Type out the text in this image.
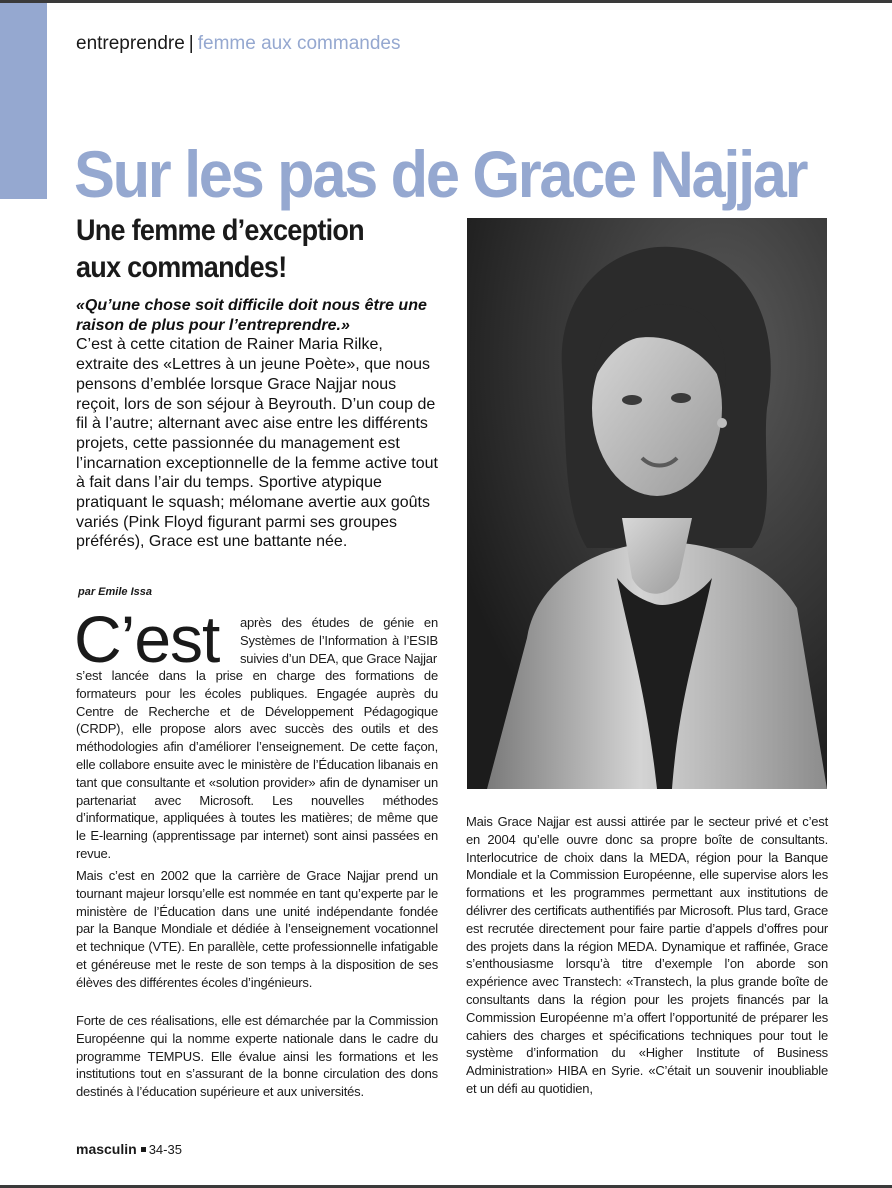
entreprendre | femme aux commandes
Sur les pas de Grace Najjar
Une femme d’exception aux commandes!
«Qu’une chose soit difficile doit nous être une raison de plus pour l’entreprendre.»
C’est à cette citation de Rainer Maria Rilke, extraite des «Lettres à un jeune Poète», que nous pensons d’emblée lorsque Grace Najjar nous reçoit, lors de son séjour à Beyrouth. D’un coup de fil à l’autre; alternant avec aise entre les différents projets, cette passionnée du management est l’incarnation exceptionnelle de la femme active tout à fait dans l’air du temps. Sportive atypique pratiquant le squash; mélomane avertie aux goûts variés (Pink Floyd figurant parmi ses groupes préférés), Grace est une battante née.
par Emile Issa
C’est après des études de génie en Systèmes de l’Information à l’ESIB suivies d’un DEA, que Grace Najjar

s’est lancée dans la prise en charge des formations de formateurs pour les écoles publiques. Engagée auprès du Centre de Recherche et de Développement Pédagogique (CRDP), elle propose alors avec succès des outils et des méthodologies afin d’améliorer l’enseignement. De cette façon, elle collabore ensuite avec le ministère de l’Éducation libanais en tant que consultante et «solution provider» afin de dynamiser un partenariat avec Microsoft. Les nouvelles méthodes d’informatique, appliquées à toutes les matières; de même que le E-learning (apprentissage par internet) sont ainsi passées en revue.

Mais c’est en 2002 que la carrière de Grace Najjar prend un tournant majeur lorsqu’elle est nommée en tant qu’experte par le ministère de l’Éducation dans une unité indépendante fondée par la Banque Mondiale et dédiée à l’enseignement vocationnel et technique (VTE). En parallèle, cette professionnelle infatigable et généreuse met le reste de son temps à la disposition de ses élèves des différentes écoles d’ingénieurs.

Forte de ces réalisations, elle est démarchée par la Commission Européenne qui la nomme experte nationale dans le cadre du programme TEMPUS. Elle évalue ainsi les formations et les institutions tout en s’assurant de la bonne circulation des dons destinés à l’éducation supérieure et aux universités.

Mais Grace Najjar est aussi attirée par le secteur privé et c’est en 2004 qu’elle ouvre donc sa propre boîte de consultants. Interlocutrice de choix dans la MEDA, région pour la Banque Mondiale et la Commission Européenne, elle supervise alors les formations et les programmes permettant aux institutions de délivrer des certificats authentifiés par Microsoft. Plus tard, Grace est recrutée directement pour faire partie d’appels d’offres pour des projets dans la région MEDA. Dynamique et raffinée, Grace s’enthousiasme lorsqu’à titre d’exemple l’on aborde son expérience avec Transtech: «Transtech, la plus grande boîte de consultants dans la région pour les projets financés par la Commission Européenne m’a offert l’opportunité de préparer les cahiers des charges et spécifications techniques pour tout le système d’information du «Higher Institute of Business Administration» HIBA en Syrie. «C’était un souvenir inoubliable et un défi au quotidien,

masculin 34-35
